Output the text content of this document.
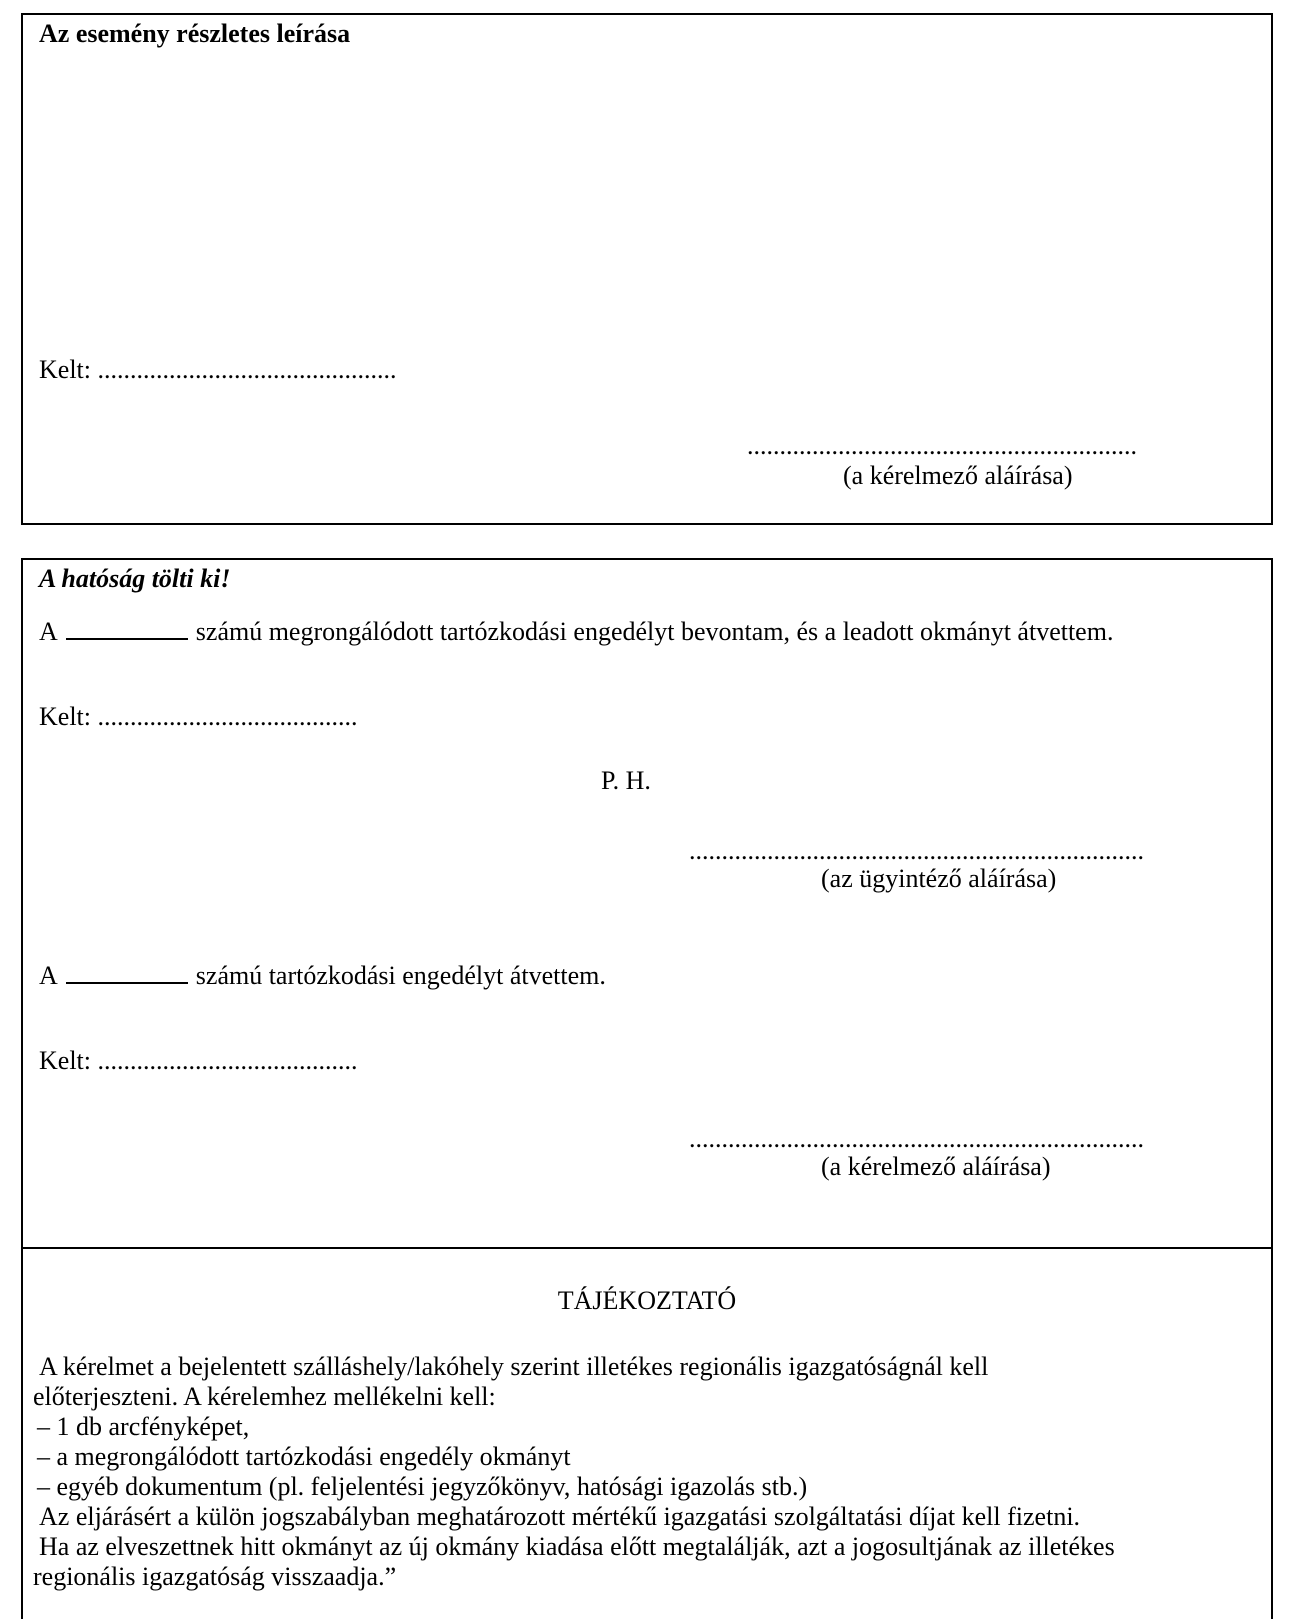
Az esemény részletes leírása
Kelt: ..............................................
............................................................
(a kérelmező aláírása)
A hatóság tölti ki!
A	számú megrongálódott tartózkodási engedélyt bevontam, és a leadott okmányt átvettem.
Kelt: ........................................
P. H.
......................................................................
(az ügyintéző aláírása)
A	számú tartózkodási engedélyt átvettem.
Kelt: ........................................
......................................................................
(a kérelmező aláírása)
TÁJÉKOZTATÓ
A kérelmet a bejelentett szálláshely/lakóhely szerint illetékes regionális igazgatóságnál kell
előterjeszteni. A kérelemhez mellékelni kell:
– 1 db arcfényképet,
– a megrongálódott tartózkodási engedély okmányt
– egyéb dokumentum (pl. feljelentési jegyzőkönyv, hatósági igazolás stb.)
Az eljárásért a külön jogszabályban meghatározott mértékű igazgatási szolgáltatási díjat kell fizetni.
Ha az elveszettnek hitt okmányt az új okmány kiadása előtt megtalálják, azt a jogosultjának az illetékes
regionális igazgatóság visszaadja.”
